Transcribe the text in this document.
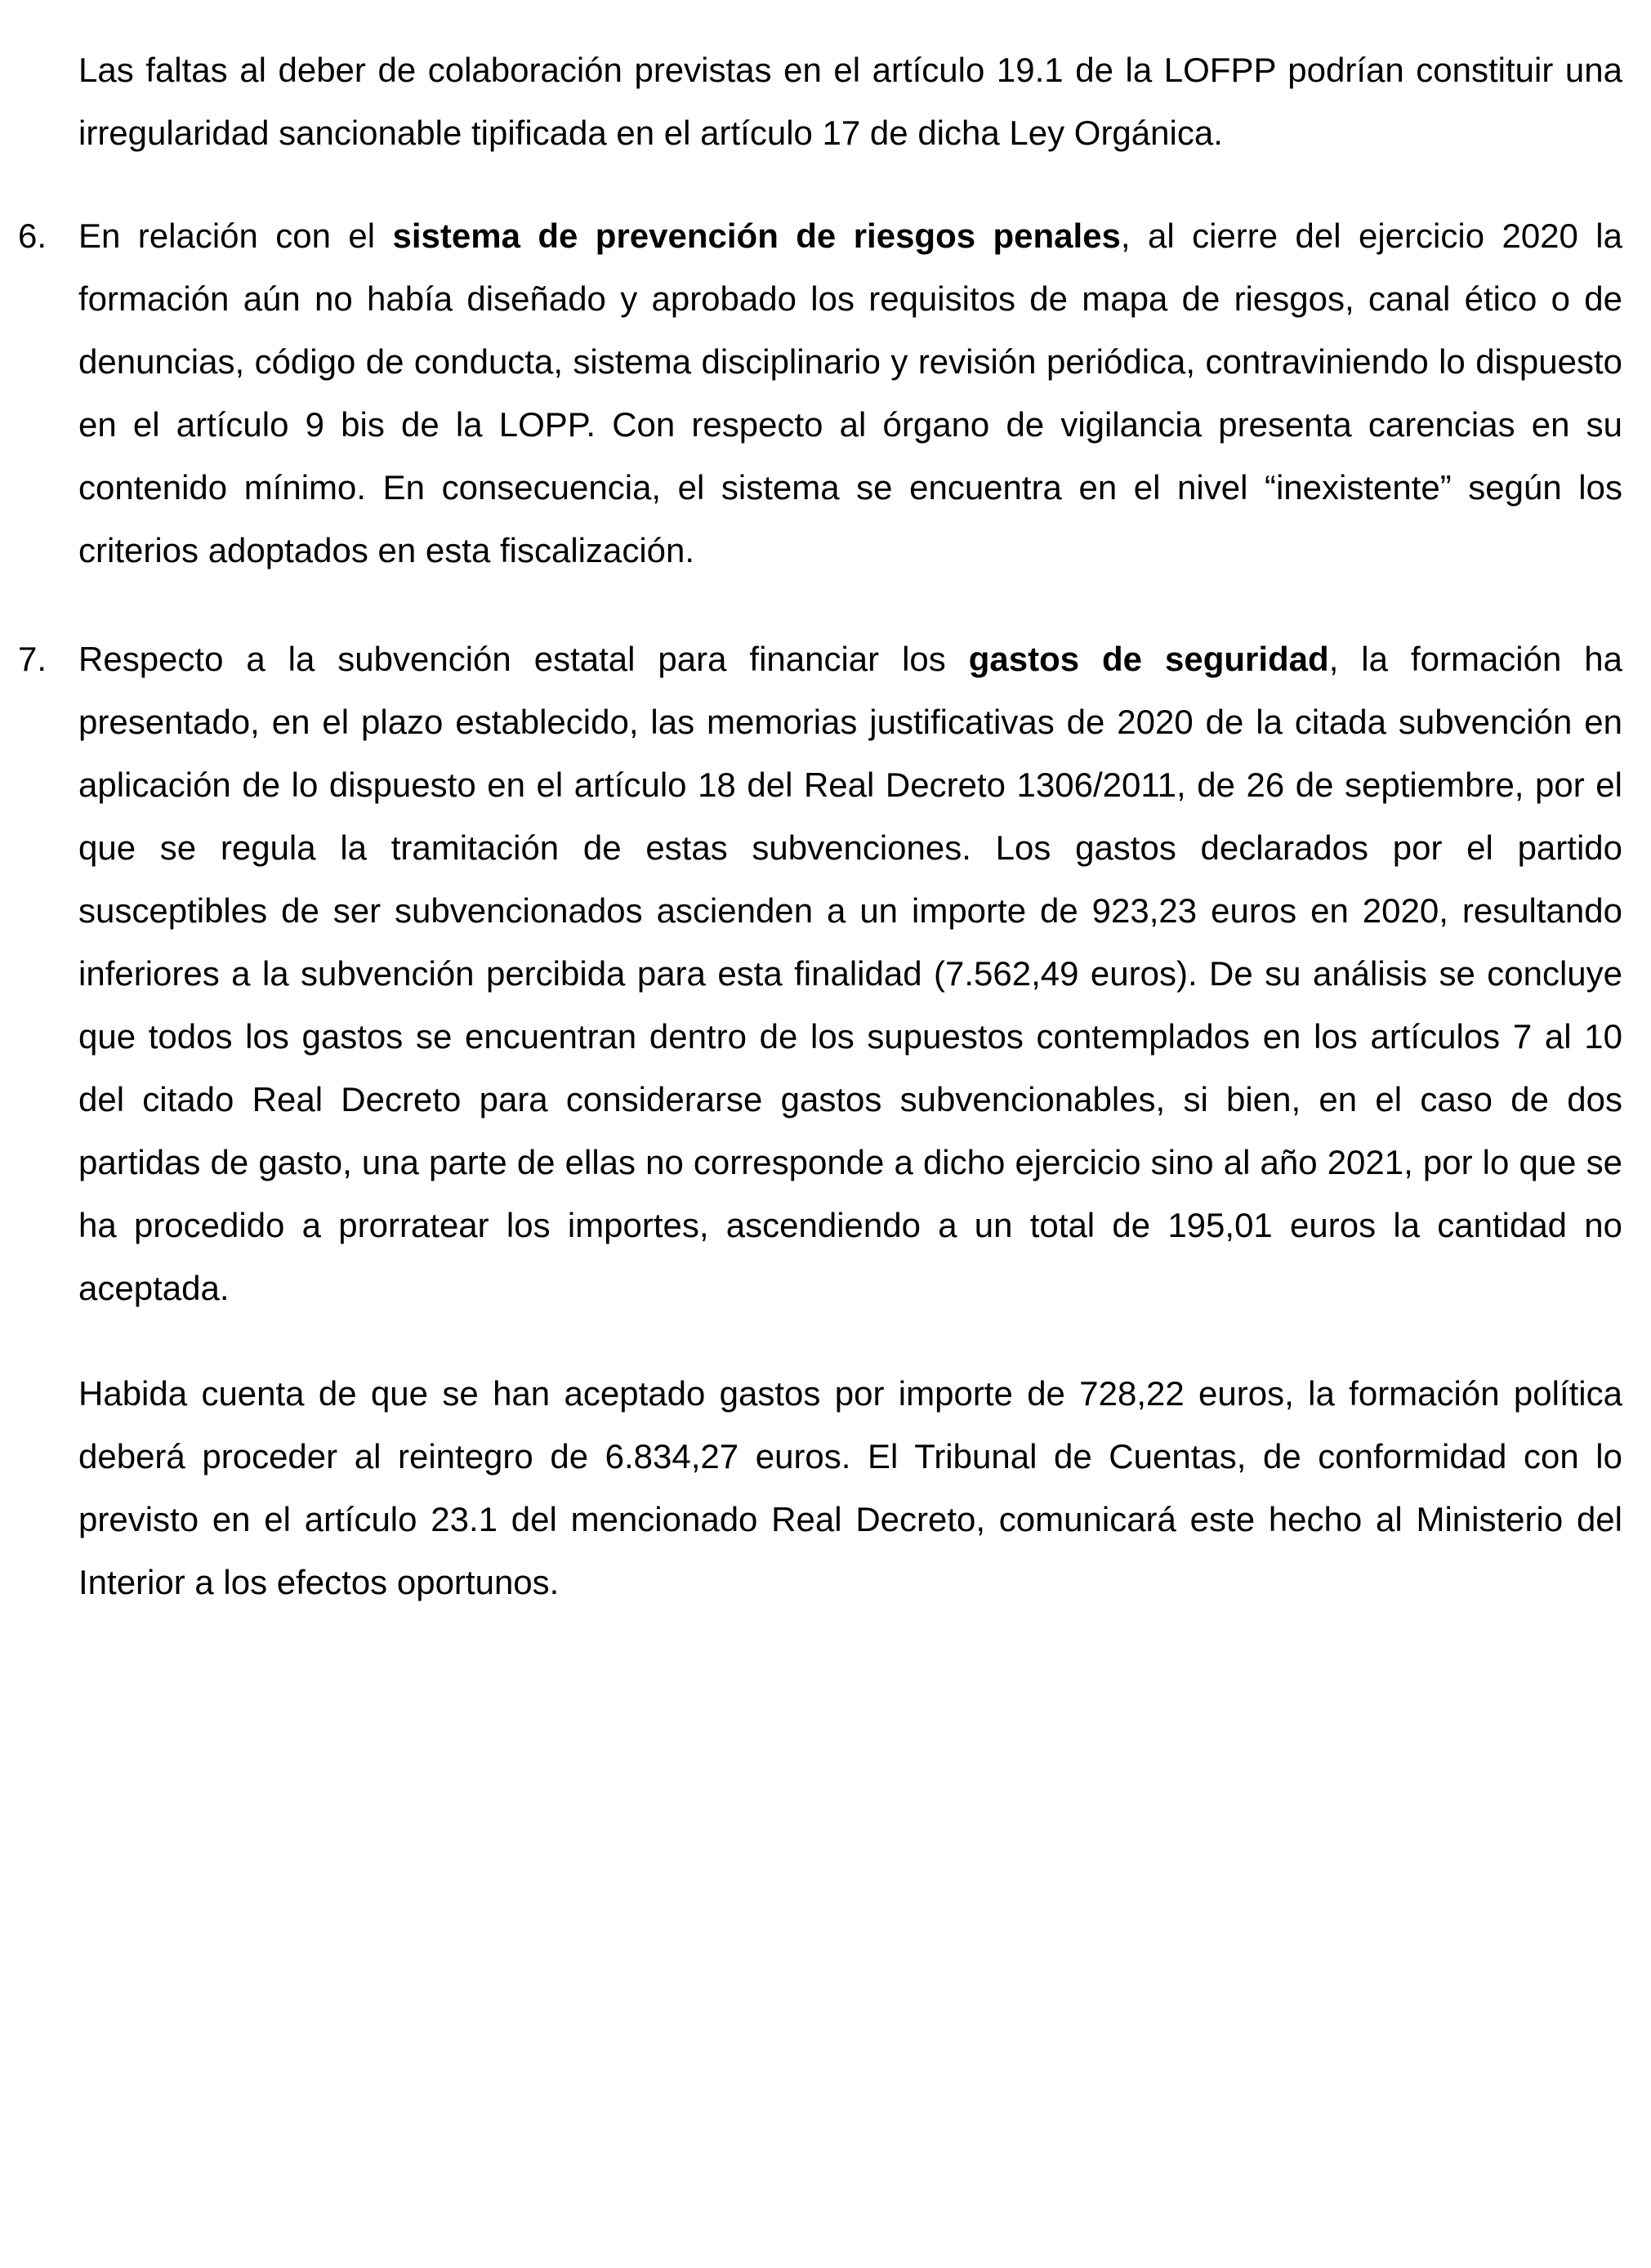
Las faltas al deber de colaboración previstas en el artículo 19.1 de la LOFPP podrían constituir una irregularidad sancionable tipificada en el artículo 17 de dicha Ley Orgánica.

6. En relación con el sistema de prevención de riesgos penales, al cierre del ejercicio 2020 la formación aún no había diseñado y aprobado los requisitos de mapa de riesgos, canal ético o de denuncias, código de conducta, sistema disciplinario y revisión periódica, contraviniendo lo dispuesto en el artículo 9 bis de la LOPP. Con respecto al órgano de vigilancia presenta carencias en su contenido mínimo. En consecuencia, el sistema se encuentra en el nivel “inexistente” según los criterios adoptados en esta fiscalización.

7. Respecto a la subvención estatal para financiar los gastos de seguridad, la formación ha presentado, en el plazo establecido, las memorias justificativas de 2020 de la citada subvención en aplicación de lo dispuesto en el artículo 18 del Real Decreto 1306/2011, de 26 de septiembre, por el que se regula la tramitación de estas subvenciones. Los gastos declarados por el partido susceptibles de ser subvencionados ascienden a un importe de 923,23 euros en 2020, resultando inferiores a la subvención percibida para esta finalidad (7.562,49 euros). De su análisis se concluye que todos los gastos se encuentran dentro de los supuestos contemplados en los artículos 7 al 10 del citado Real Decreto para considerarse gastos subvencionables, si bien, en el caso de dos partidas de gasto, una parte de ellas no corresponde a dicho ejercicio sino al año 2021, por lo que se ha procedido a prorratear los importes, ascendiendo a un total de 195,01 euros la cantidad no aceptada.

Habida cuenta de que se han aceptado gastos por importe de 728,22 euros, la formación política deberá proceder al reintegro de 6.834,27 euros. El Tribunal de Cuentas, de conformidad con lo previsto en el artículo 23.1 del mencionado Real Decreto, comunicará este hecho al Ministerio del Interior a los efectos oportunos.
